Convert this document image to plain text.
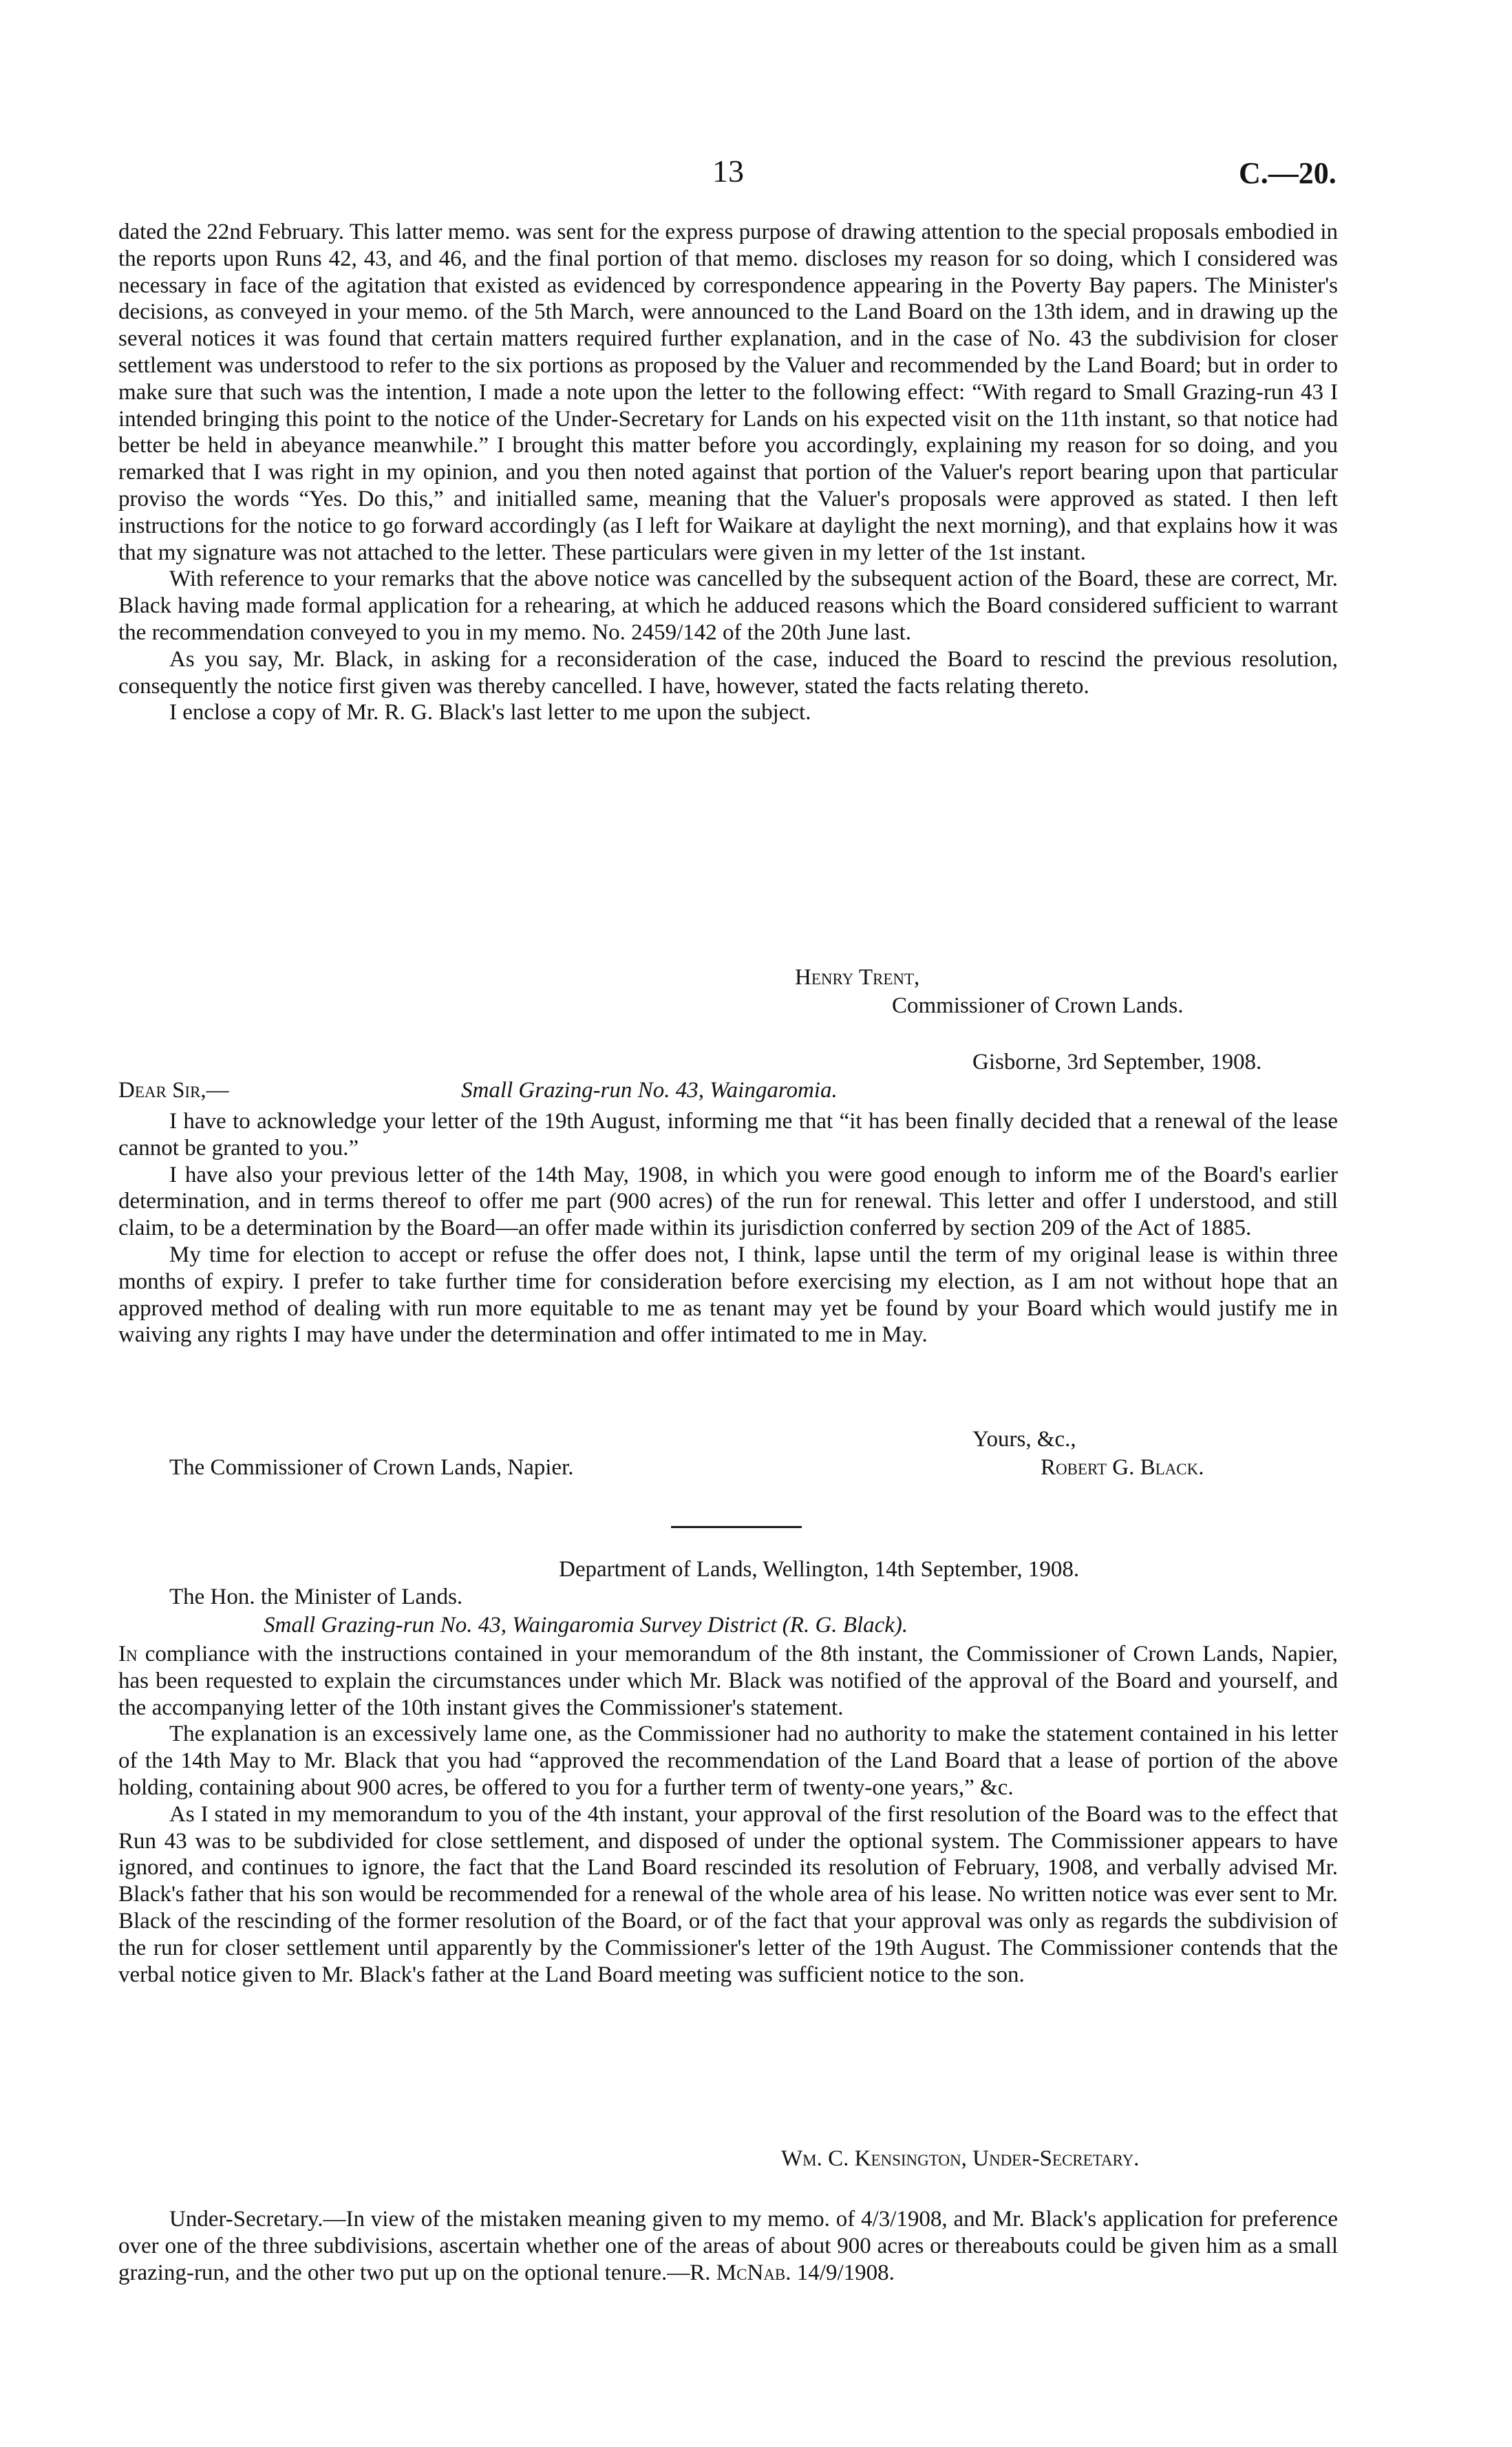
13	C.—20.

dated the 22nd February. This latter memo. was sent for the express purpose of drawing attention to the special proposals embodied in the reports upon Runs 42, 43, and 46, and the final portion of that memo. discloses my reason for so doing, which I considered was necessary in face of the agitation that existed as evidenced by correspondence appearing in the Poverty Bay papers. The Minister's decisions, as conveyed in your memo. of the 5th March, were announced to the Land Board on the 13th idem, and in drawing up the several notices it was found that certain matters required further explanation, and in the case of No. 43 the subdivision for closer settlement was understood to refer to the six portions as proposed by the Valuer and recommended by the Land Board; but in order to make sure that such was the intention, I made a note upon the letter to the following effect: “With regard to Small Grazing-run 43 I intended bringing this point to the notice of the Under-Secretary for Lands on his expected visit on the 11th instant, so that notice had better be held in abeyance meanwhile.” I brought this matter before you accordingly, explaining my reason for so doing, and you remarked that I was right in my opinion, and you then noted against that portion of the Valuer's report bearing upon that particular proviso the words “Yes. Do this,” and initialled same, meaning that the Valuer's proposals were approved as stated. I then left instructions for the notice to go forward accordingly (as I left for Waikare at daylight the next morning), and that explains how it was that my signature was not attached to the letter. These particulars were given in my letter of the 1st instant.

With reference to your remarks that the above notice was cancelled by the subsequent action of the Board, these are correct, Mr. Black having made formal application for a rehearing, at which he adduced reasons which the Board considered sufficient to warrant the recommendation conveyed to you in my memo. No. 2459/142 of the 20th June last.

As you say, Mr. Black, in asking for a reconsideration of the case, induced the Board to rescind the previous resolution, consequently the notice first given was thereby cancelled. I have, however, stated the facts relating thereto.

I enclose a copy of Mr. R. G. Black's last letter to me upon the subject.

Henry Trent,
Commissioner of Crown Lands.
Gisborne, 3rd September, 1908.
Dear Sir,—	Small Grazing-run No. 43, Waingaromia.

I have to acknowledge your letter of the 19th August, informing me that “it has been finally decided that a renewal of the lease cannot be granted to you.”

I have also your previous letter of the 14th May, 1908, in which you were good enough to inform me of the Board's earlier determination, and in terms thereof to offer me part (900 acres) of the run for renewal. This letter and offer I understood, and still claim, to be a determination by the Board—an offer made within its jurisdiction conferred by section 209 of the Act of 1885.

My time for election to accept or refuse the offer does not, I think, lapse until the term of my original lease is within three months of expiry. I prefer to take further time for consideration before exercising my election, as I am not without hope that an approved method of dealing with run more equitable to me as tenant may yet be found by your Board which would justify me in waiving any rights I may have under the determination and offer intimated to me in May.

Yours, &c.,
The Commissioner of Crown Lands, Napier.	Robert G. Black.
Department of Lands, Wellington, 14th September, 1908.
The Hon. the Minister of Lands.
Small Grazing-run No. 43, Waingaromia Survey District (R. G. Black).

In compliance with the instructions contained in your memorandum of the 8th instant, the Commissioner of Crown Lands, Napier, has been requested to explain the circumstances under which Mr. Black was notified of the approval of the Board and yourself, and the accompanying letter of the 10th instant gives the Commissioner's statement.

The explanation is an excessively lame one, as the Commissioner had no authority to make the statement contained in his letter of the 14th May to Mr. Black that you had “approved the recommendation of the Land Board that a lease of portion of the above holding, containing about 900 acres, be offered to you for a further term of twenty-one years,” &c.

As I stated in my memorandum to you of the 4th instant, your approval of the first resolution of the Board was to the effect that Run 43 was to be subdivided for close settlement, and disposed of under the optional system. The Commissioner appears to have ignored, and continues to ignore, the fact that the Land Board rescinded its resolution of February, 1908, and verbally advised Mr. Black's father that his son would be recommended for a renewal of the whole area of his lease. No written notice was ever sent to Mr. Black of the rescinding of the former resolution of the Board, or of the fact that your approval was only as regards the subdivision of the run for closer settlement until apparently by the Commissioner's letter of the 19th August. The Commissioner contends that the verbal notice given to Mr. Black's father at the Land Board meeting was sufficient notice to the son.

Wm. C. Kensington, Under-Secretary.

Under-Secretary.—In view of the mistaken meaning given to my memo. of 4/3/1908, and Mr. Black's application for preference over one of the three subdivisions, ascertain whether one of the areas of about 900 acres or thereabouts could be given him as a small grazing-run, and the other two put up on the optional tenure.—R. McNab. 14/9/1908.
